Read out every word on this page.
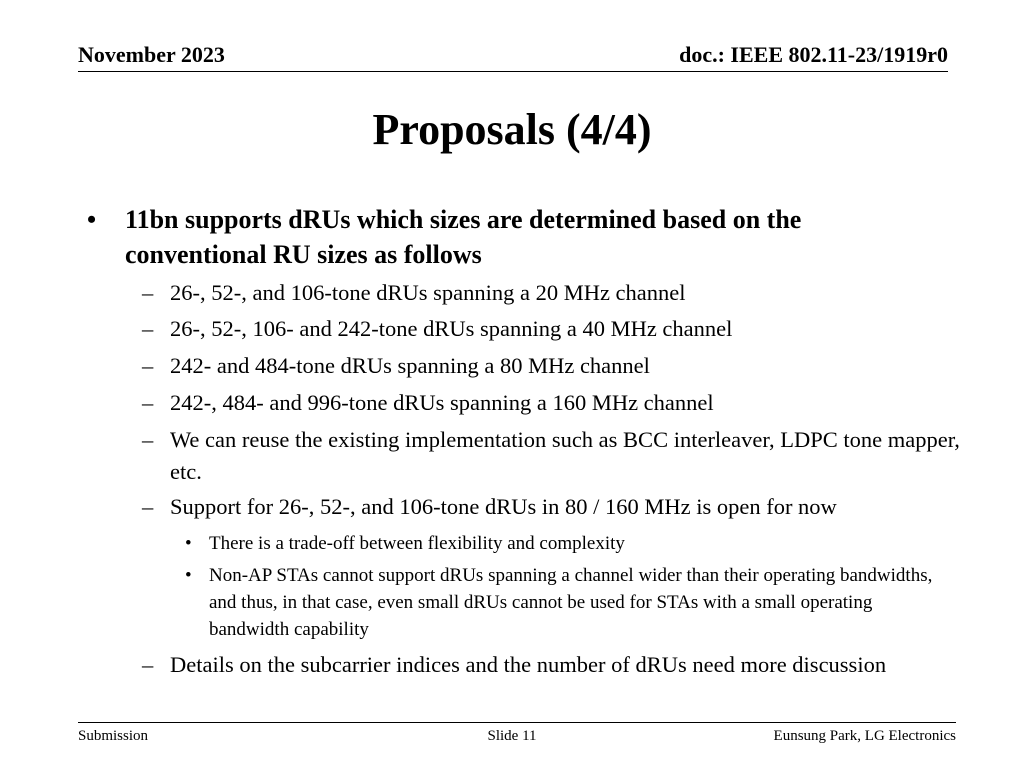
November 2023	doc.: IEEE 802.11-23/1919r0
Proposals (4/4)
• 11bn supports dRUs which sizes are determined based on the conventional RU sizes as follows
– 26-, 52-, and 106-tone dRUs spanning a 20 MHz channel
– 26-, 52-, 106- and 242-tone dRUs spanning a 40 MHz channel
– 242- and 484-tone dRUs spanning a 80 MHz channel
– 242-, 484- and 996-tone dRUs spanning a 160 MHz channel
– We can reuse the existing implementation such as BCC interleaver, LDPC tone mapper, etc.
– Support for 26-, 52-, and 106-tone dRUs in 80 / 160 MHz is open for now
• There is a trade-off between flexibility and complexity
• Non-AP STAs cannot support dRUs spanning a channel wider than their operating bandwidths, and thus, in that case, even small dRUs cannot be used for STAs with a small operating bandwidth capability
– Details on the subcarrier indices and the number of dRUs need more discussion
Submission	Slide 11	Eunsung Park, LG Electronics
